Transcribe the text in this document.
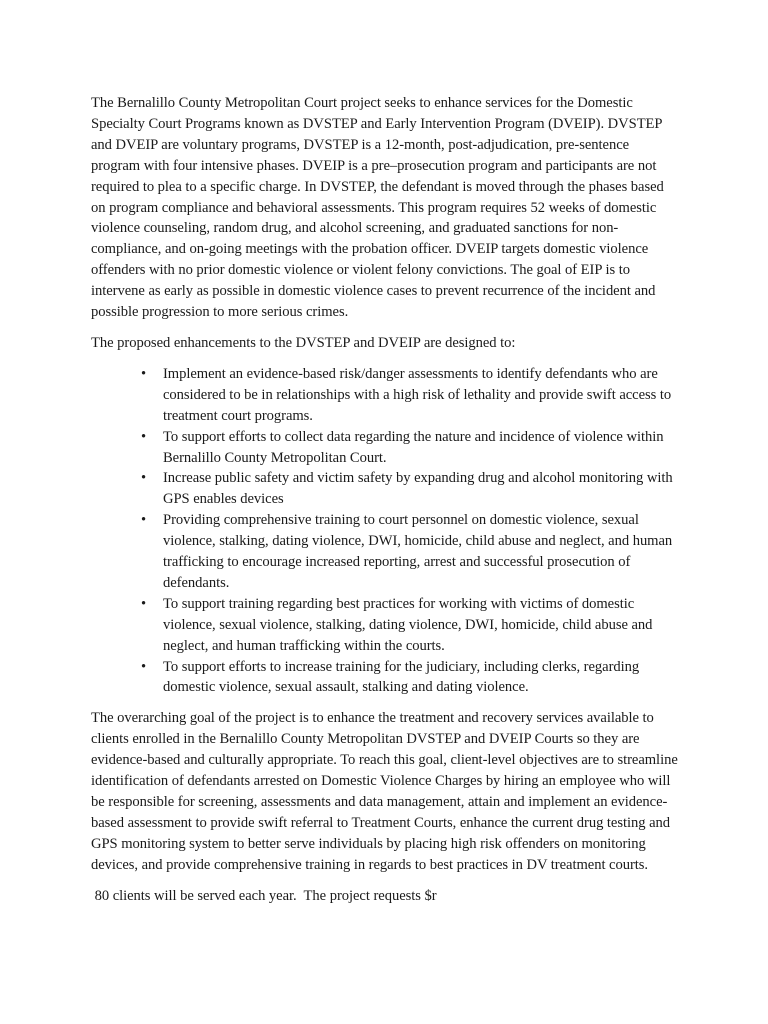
The Bernalillo County Metropolitan Court project seeks to enhance services for the Domestic Specialty Court Programs known as DVSTEP and Early Intervention Program (DVEIP). DVSTEP and DVEIP are voluntary programs, DVSTEP is a 12-month, post-adjudication, pre-sentence program with four intensive phases. DVEIP is a pre–prosecution program and participants are not required to plea to a specific charge. In DVSTEP, the defendant is moved through the phases based on program compliance and behavioral assessments. This program requires 52 weeks of domestic violence counseling, random drug, and alcohol screening, and graduated sanctions for non-compliance, and on-going meetings with the probation officer. DVEIP targets domestic violence offenders with no prior domestic violence or violent felony convictions. The goal of EIP is to intervene as early as possible in domestic violence cases to prevent recurrence of the incident and possible progression to more serious crimes.

The proposed enhancements to the DVSTEP and DVEIP are designed to:

• Implement an evidence-based risk/danger assessments to identify defendants who are considered to be in relationships with a high risk of lethality and provide swift access to treatment court programs.
• To support efforts to collect data regarding the nature and incidence of violence within Bernalillo County Metropolitan Court.
• Increase public safety and victim safety by expanding drug and alcohol monitoring with GPS enables devices
• Providing comprehensive training to court personnel on domestic violence, sexual violence, stalking, dating violence, DWI, homicide, child abuse and neglect, and human trafficking to encourage increased reporting, arrest and successful prosecution of defendants.
• To support training regarding best practices for working with victims of domestic violence, sexual violence, stalking, dating violence, DWI, homicide, child abuse and neglect, and human trafficking within the courts.
• To support efforts to increase training for the judiciary, including clerks, regarding domestic violence, sexual assault, stalking and dating violence.

The overarching goal of the project is to enhance the treatment and recovery services available to clients enrolled in the Bernalillo County Metropolitan DVSTEP and DVEIP Courts so they are evidence-based and culturally appropriate. To reach this goal, client-level objectives are to streamline identification of defendants arrested on Domestic Violence Charges by hiring an employee who will be responsible for screening, assessments and data management, attain and implement an evidence-based assessment to provide swift referral to Treatment Courts, enhance the current drug testing and GPS monitoring system to better serve individuals by placing high risk offenders on monitoring devices, and provide comprehensive training in regards to best practices in DV treatment courts.

80 clients will be served each year.  The project requests $r
